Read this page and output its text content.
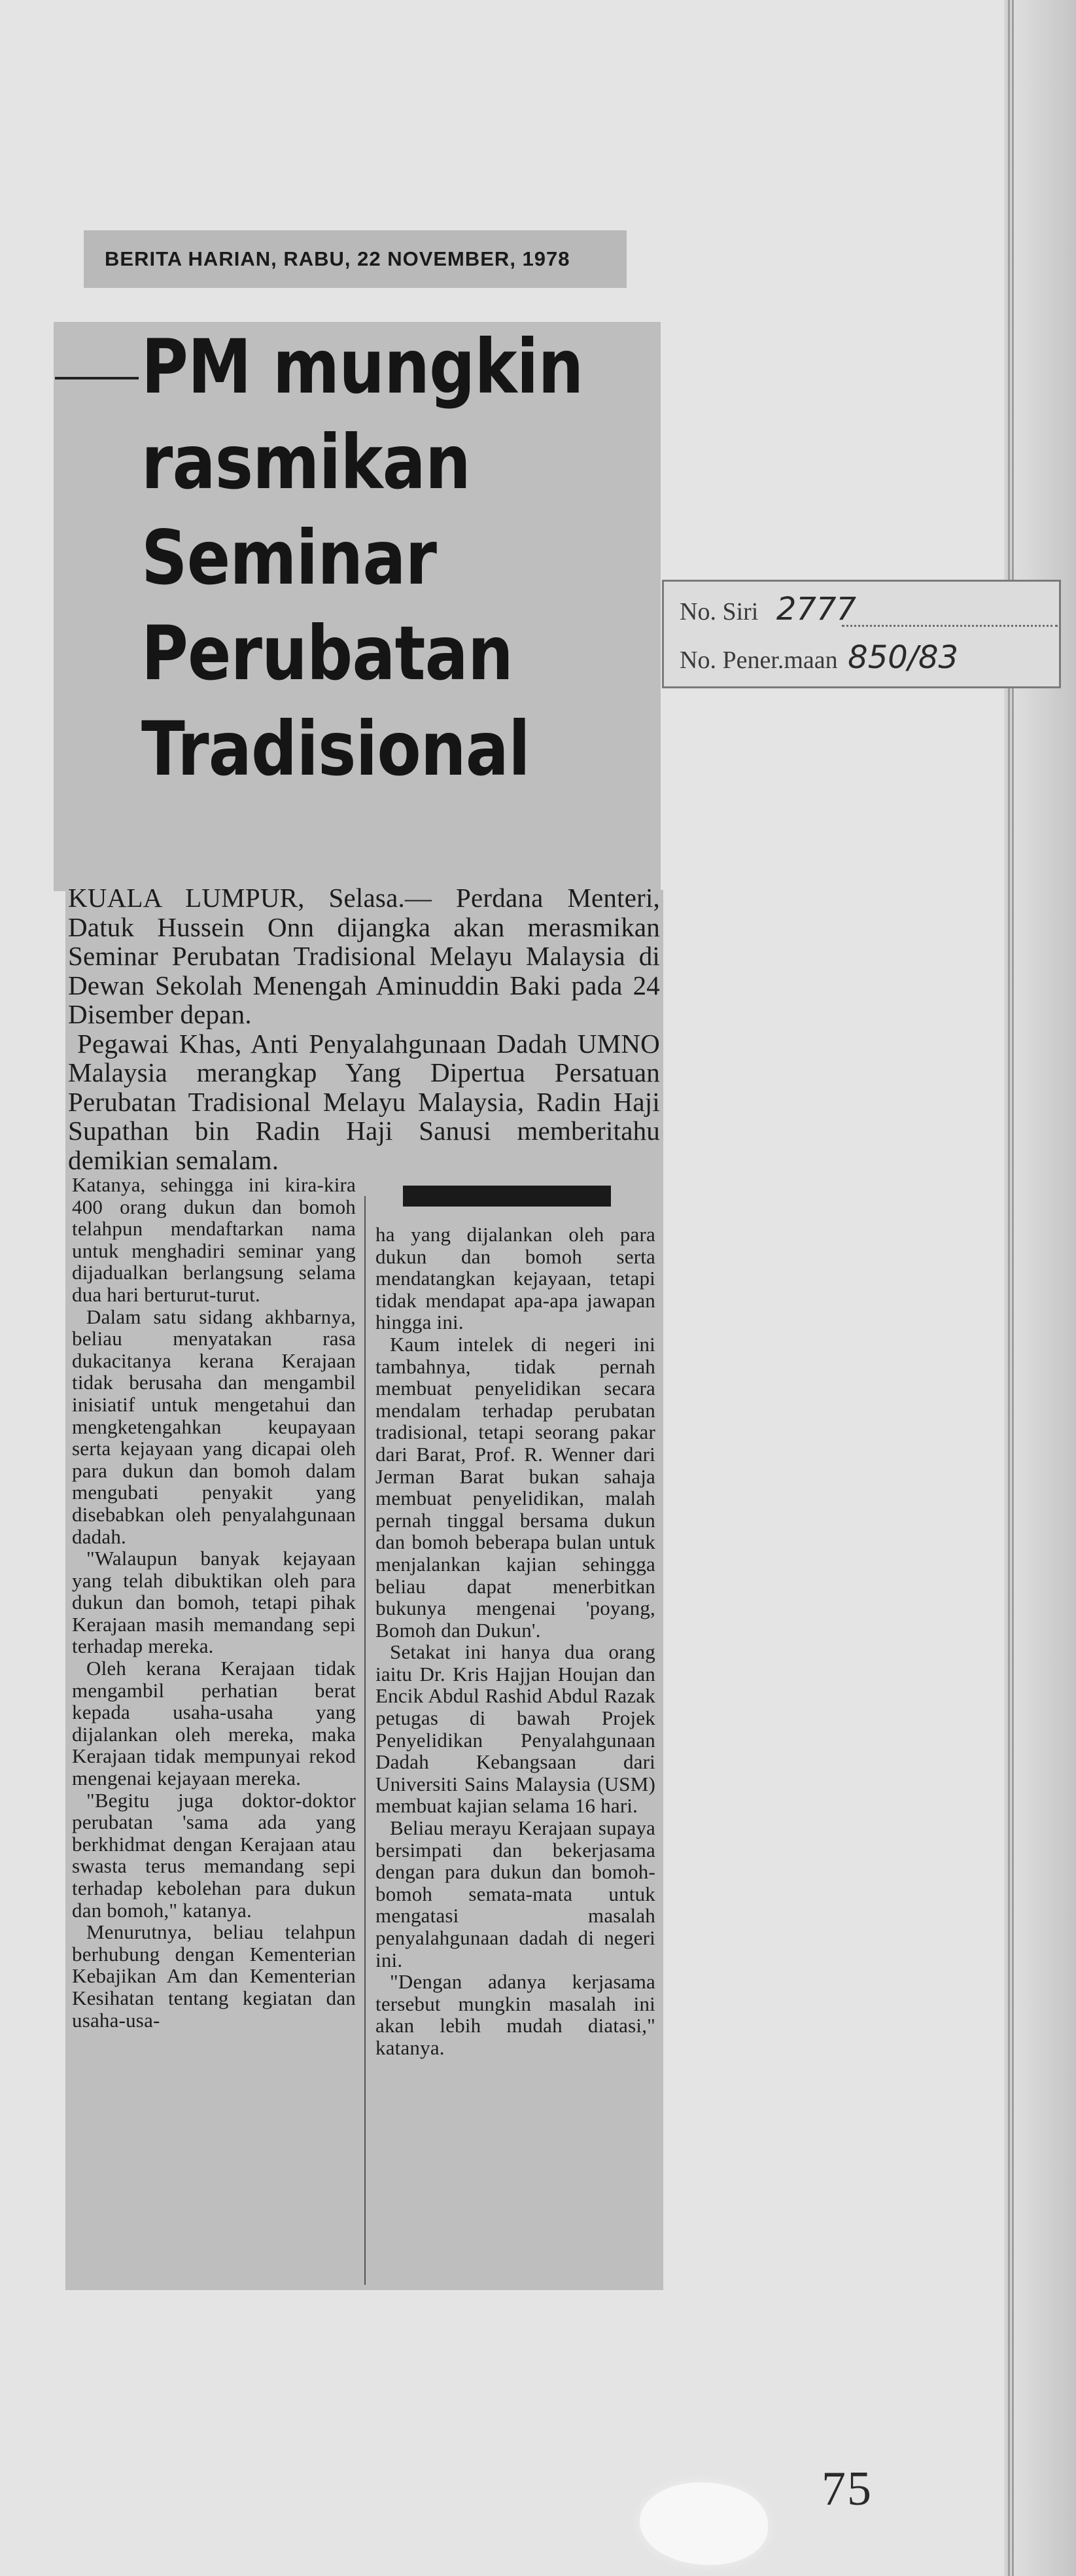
BERITA HARIAN, RABU, 22 NOVEMBER, 1978
PM mungkin
rasmikan
Seminar
Perubatan
Tradisional

KUALA LUMPUR, Selasa.— Perdana Menteri, Datuk Hussein Onn dijangka akan merasmikan Seminar Perubatan Tradisional Melayu Malaysia di Dewan Sekolah Menengah Aminuddin Baki pada 24 Disember depan.

Pegawai Khas, Anti Penyalahgunaan Dadah UMNO Malaysia merangkap Yang Dipertua Persatuan Perubatan Tradisional Melayu Malaysia, Radin Haji Supathan bin Radin Haji Sanusi memberitahu demikian semalam.

Katanya, sehingga ini kira-kira 400 orang dukun dan bomoh telahpun mendaftarkan nama untuk menghadiri seminar yang dijadualkan berlangsung selama dua hari berturut-turut.

Dalam satu sidang akhbarnya, beliau menyatakan rasa dukacitanya kerana Kerajaan tidak berusaha dan mengambil inisiatif untuk mengetahui dan mengketengahkan keupayaan serta kejayaan yang dicapai oleh para dukun dan bomoh dalam mengubati penyakit yang disebabkan oleh penyalahgunaan dadah.

"Walaupun banyak kejayaan yang telah dibuktikan oleh para dukun dan bomoh, tetapi pihak Kerajaan masih memandang sepi terhadap mereka.

Oleh kerana Kerajaan tidak mengambil perhatian berat kepada usaha-usaha yang dijalankan oleh mereka, maka Kerajaan tidak mempunyai rekod mengenai kejayaan mereka.

"Begitu juga doktor-doktor perubatan 'sama ada yang berkhidmat dengan Kerajaan atau swasta terus memandang sepi terhadap kebolehan para dukun dan bomoh," katanya.

Menurutnya, beliau telahpun berhubung dengan Kementerian Kebajikan Am dan Kementerian Kesihatan tentang kegiatan dan usaha-usa-

ha yang dijalankan oleh para dukun dan bomoh serta mendatangkan kejayaan, tetapi tidak mendapat apa-apa jawapan hingga ini.

Kaum intelek di negeri ini tambahnya, tidak pernah membuat penyelidikan secara mendalam terhadap perubatan tradisional, tetapi seorang pakar dari Barat, Prof. R. Wenner dari Jerman Barat bukan sahaja membuat penyelidikan, malah pernah tinggal bersama dukun dan bomoh beberapa bulan untuk menjalankan kajian sehingga beliau dapat menerbitkan bukunya mengenai 'poyang, Bomoh dan Dukun'.

Setakat ini hanya dua orang iaitu Dr. Kris Hajjan Houjan dan Encik Abdul Rashid Abdul Razak petugas di bawah Projek Penyelidikan Penyalahgunaan Dadah Kebangsaan dari Universiti Sains Malaysia (USM) membuat kajian selama 16 hari.

Beliau merayu Kerajaan supaya bersimpati dan bekerjasama dengan para dukun dan bomoh-bomoh semata-mata untuk mengatasi masalah penyalahgunaan dadah di negeri ini.

"Dengan adanya kerjasama tersebut mungkin masalah ini akan lebih mudah diatasi," katanya.

No. Siri 2777
No. Pener.maan 850/83
75
